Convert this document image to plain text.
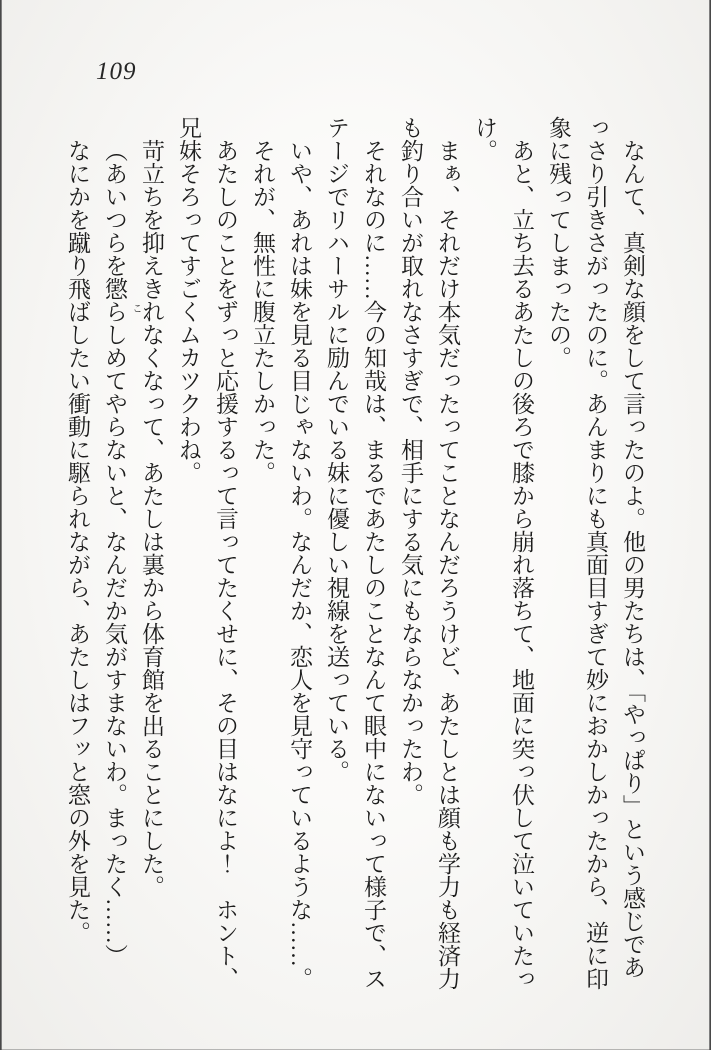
109

なんて、真剣な顔をして言ったのよ。他の男たちは、「やっぱり」という感じであっさり引きさがったのに。あんまりにも真面目すぎて妙におかしかったから、逆に印象に残ってしまったの。

あと、立ち去るあたしの後ろで膝から崩れ落ちて、地面に突っ伏して泣いていたっけ。

まぁ、それだけ本気だったってことなんだろうけど、あたしとは顔も学力も経済力も釣り合いが取れなさすぎで、相手にする気にもならなかったわ。

それなのに……今の知哉は、まるであたしのことなんて眼中にないって様子で、ステージでリハーサルに励んでいる妹に優しい視線を送っている。

いや、あれは妹を見る目じゃないわ。なんだか、恋人を見守っているような……。

それが、無性に腹立たしかった。

あたしのことをずっと応援するって言ってたくせに、その目はなによ！　ホント、兄妹そろってすごくムカツクわね。

苛立ちを抑えきれなくなって、あたしは裏から体育館を出ることにした。

（あいつらを懲
こ
らしめてやらないと、なんだか気がすまないわ。まったく……）

なにかを蹴り飛ばしたい衝動に駆られながら、あたしはフッと窓の外を見た。
